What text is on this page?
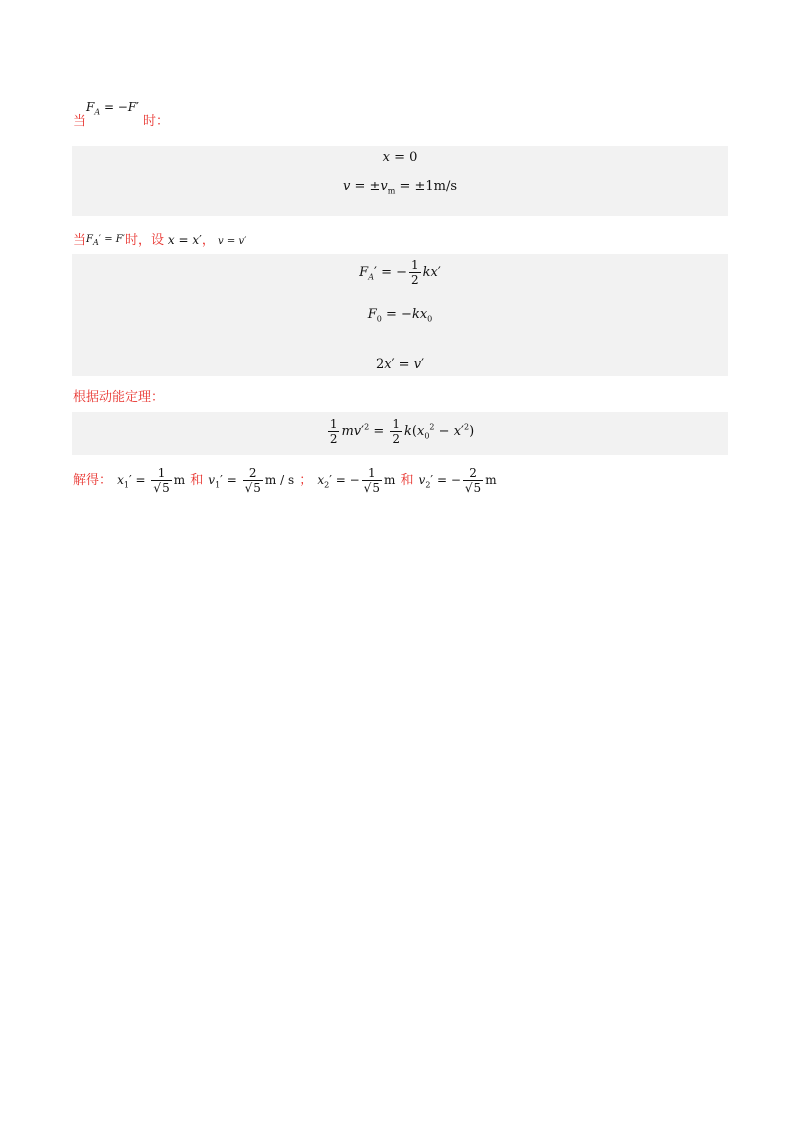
$_当F_A = -F'_{时:}$
x = 0
$v = \pm v_m = \pm 1m/s$
当$F_A' = F'$时，设 x = x′， v = v′
$F_A'$ = − $\frac{1}{2} kx'$
$F_0 = -kx_0$
2x′ = v′
根据动能定理：
$\frac{1}{2} mv'^2 = \frac{1}{2} k(x_0^2 - x'^2)$
解得： $x_1' = \frac{1}{√5}$ m 和 $v_1' = \frac{2}{√5}$ m / s ； $x_2'$ = − $\frac{1}{√5}$ m 和 $v_2'$ = − $\frac{2}{√5}$ m
